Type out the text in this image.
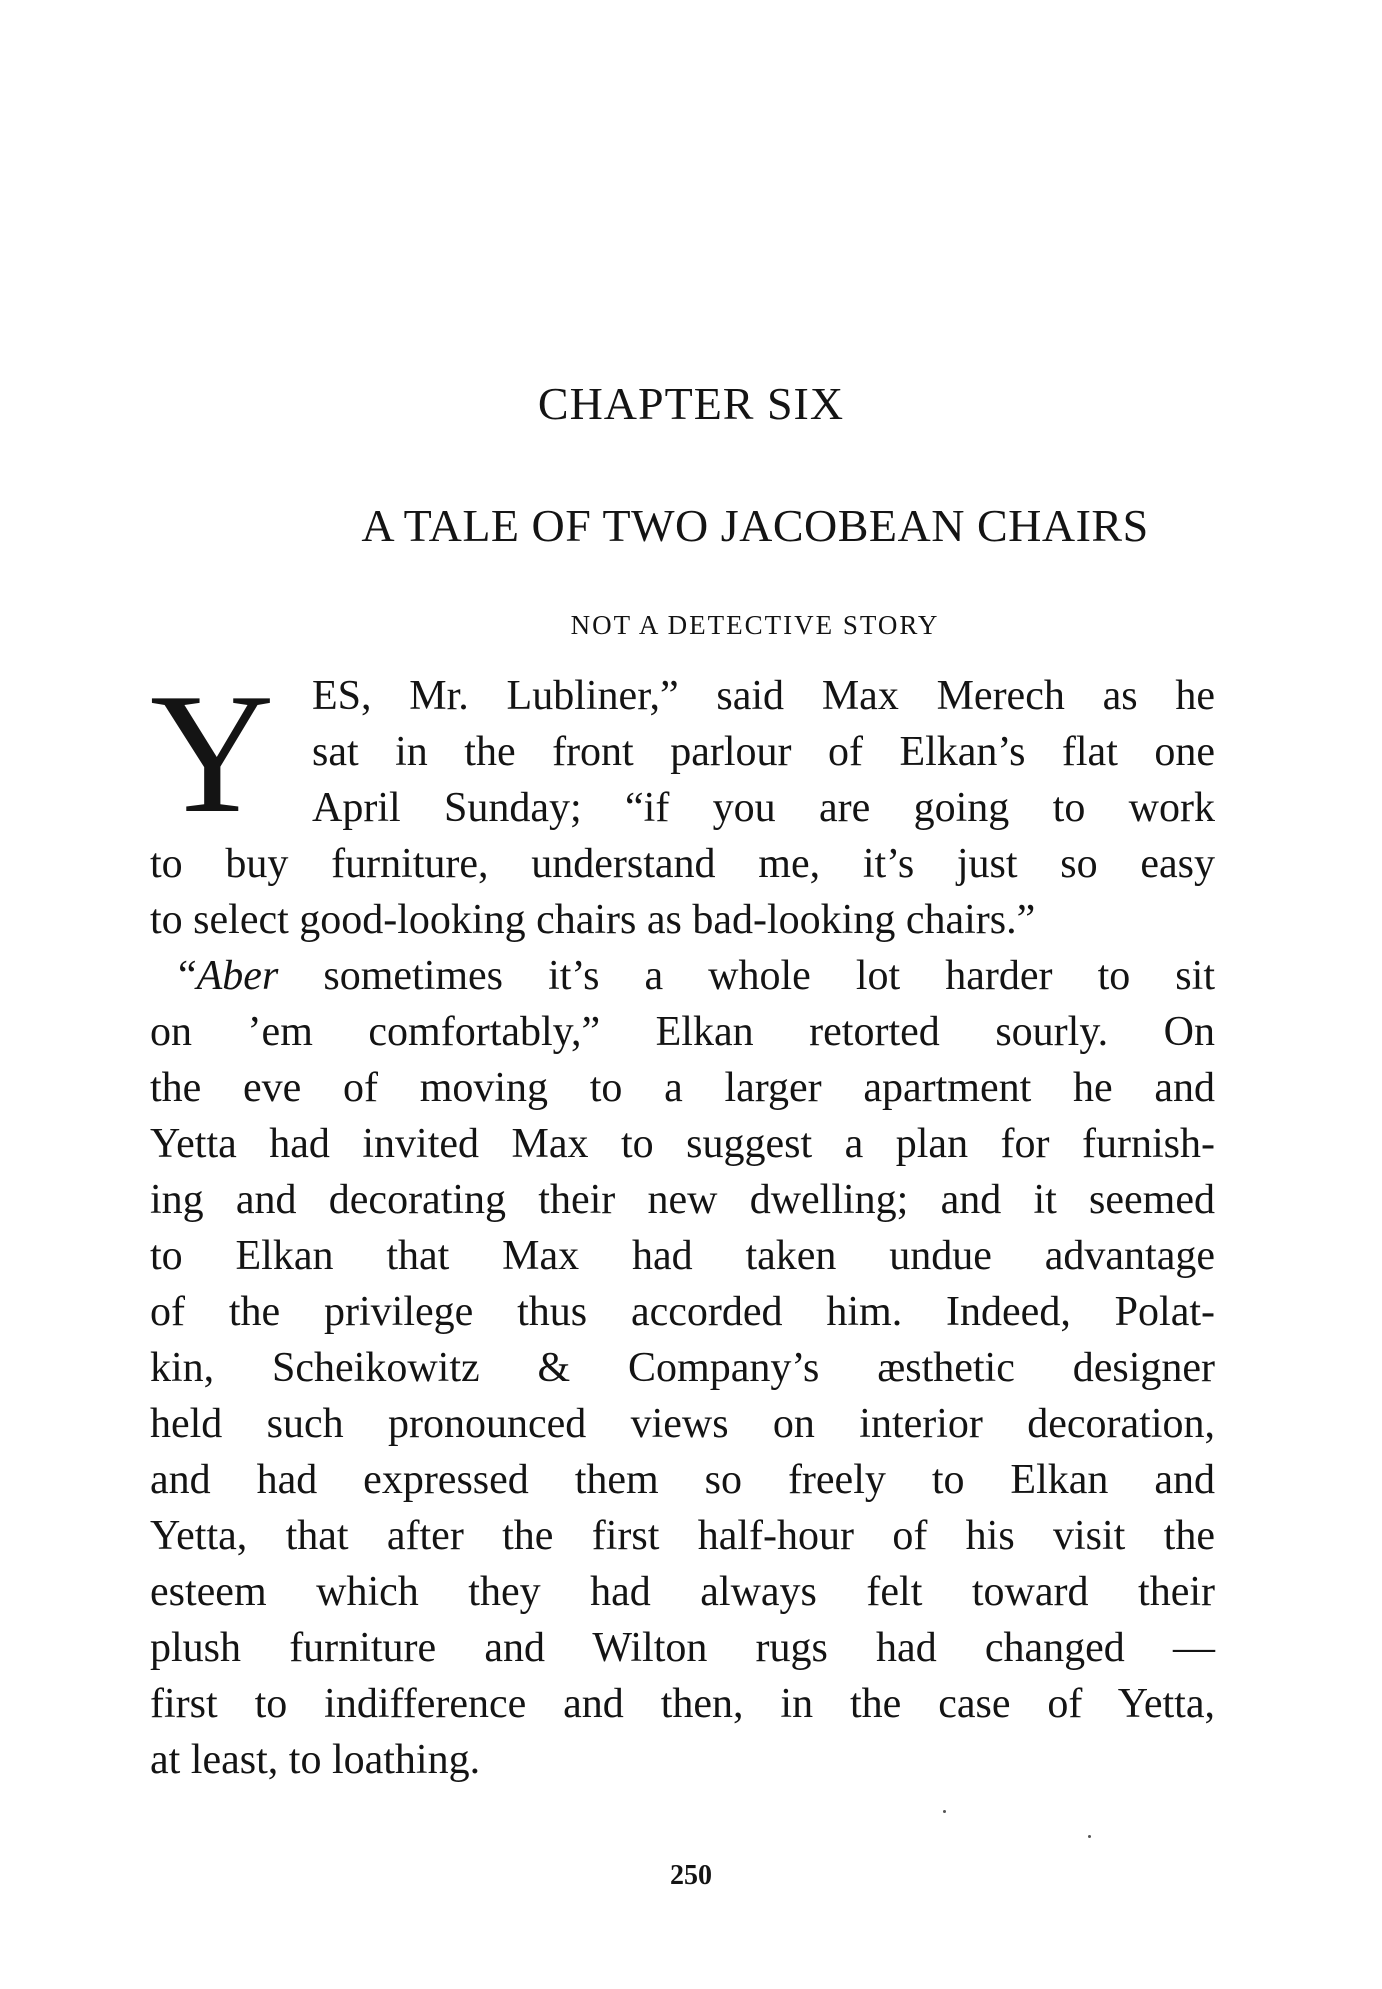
CHAPTER SIX
A TALE OF TWO JACOBEAN CHAIRS
NOT A DETECTIVE STORY
Y ES, Mr. Lubliner,” said Max Merech as he
sat in the front parlour of Elkan’s flat one
April Sunday; “if you are going to work
to buy furniture, understand me, it’s just so easy
to select good-looking chairs as bad-looking chairs.”
“Aber sometimes it’s a whole lot harder to sit
on ’em comfortably,” Elkan retorted sourly. On
the eve of moving to a larger apartment he and
Yetta had invited Max to suggest a plan for furnish-
ing and decorating their new dwelling; and it seemed
to Elkan that Max had taken undue advantage
of the privilege thus accorded him. Indeed, Polat-
kin, Scheikowitz & Company’s æsthetic designer
held such pronounced views on interior decoration,
and had expressed them so freely to Elkan and
Yetta, that after the first half-hour of his visit the
esteem which they had always felt toward their
plush furniture and Wilton rugs had changed —
first to indifference and then, in the case of Yetta,
at least, to loathing.
250
